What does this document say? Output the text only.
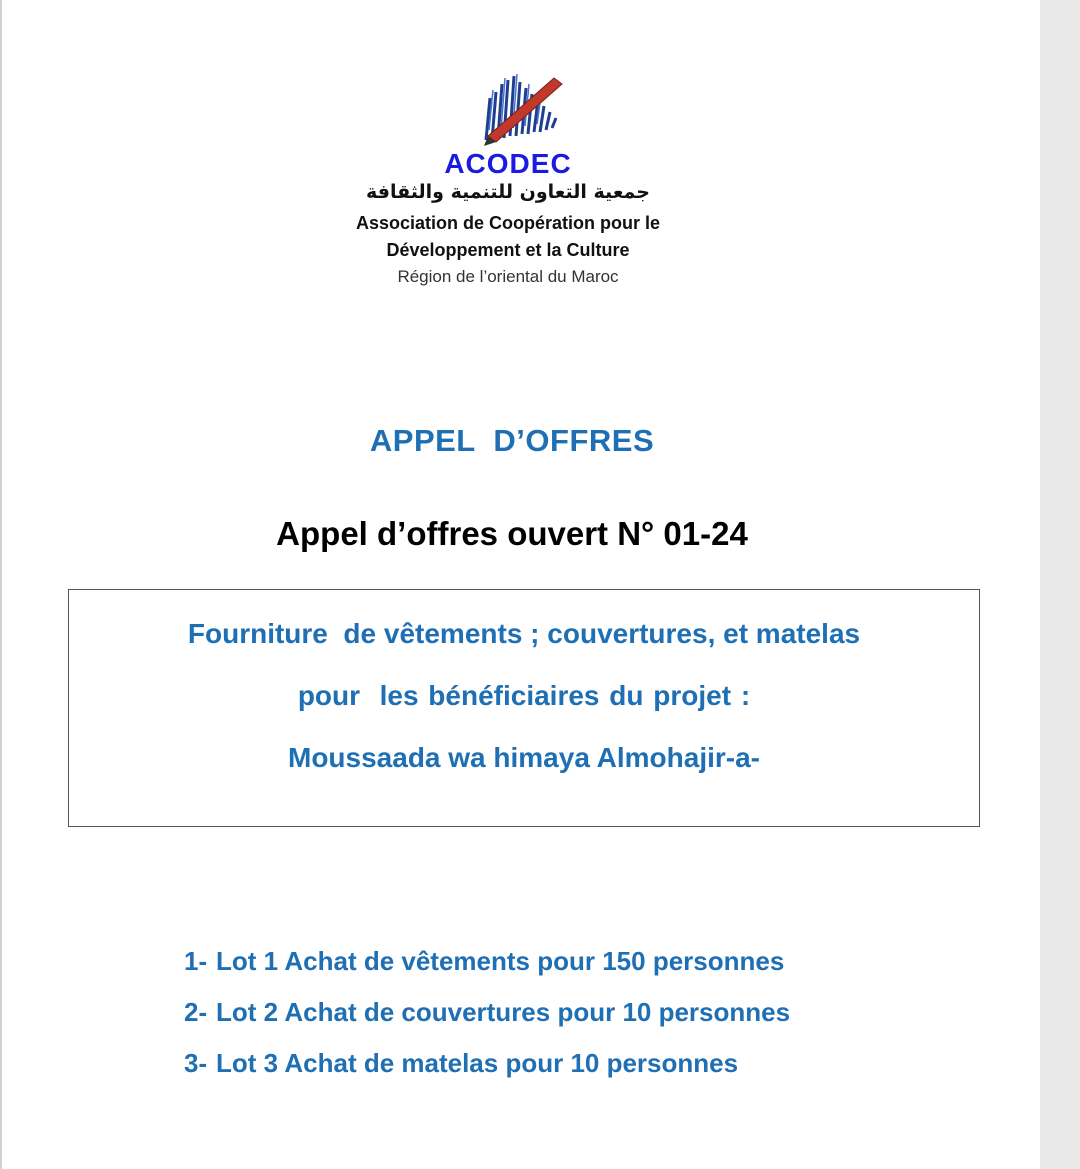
ACODEC
جمعية التعاون للتنمية والثقافة
Association de Coopération pour le
Développement et la Culture
Région de l’oriental du Maroc
APPEL  D’OFFRES
Appel d’offres ouvert N° 01-24
Fourniture  de vêtements ; couvertures, et matelas
pour  les bénéficiaires du projet :
Moussaada wa himaya Almohajir-a-
1- Lot 1 Achat de vêtements pour 150 personnes
2- Lot 2 Achat de couvertures pour 10 personnes
3- Lot 3 Achat de matelas pour 10 personnes
